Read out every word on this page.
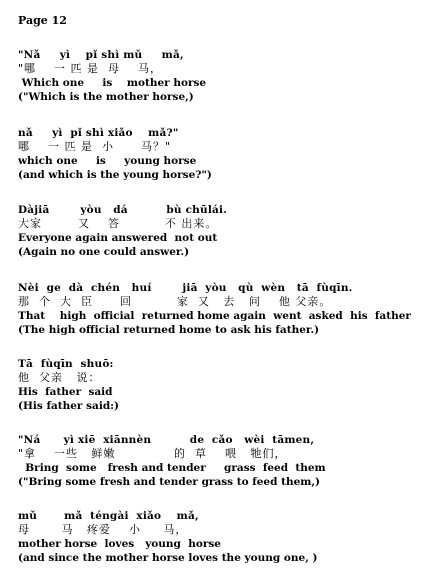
Page 12
"Nǎ     yì    pǐ shì mǔ     mǎ,
"哪    一 匹 是  母    马，
Which one     is    mother horse
("Which is the mother horse,)
nǎ     yì  pǐ shì xiǎo    mǎ?"
哪    一 匹 是  小      马？"
which one     is     young horse
(and which is the young horse?")
Dàjiā        yòu   dá          bù chūlái.
大家        又    答          不 出来。
Everyone again answered  not out
(Again no one could answer.)
Nèi  ge  dà  chén   huí        jiā  yòu   qù  wèn   tā  fùqīn.
那  个  大  臣      回          家  又   去   问    他 父亲。
That    high  official  returned home again  went  asked  his  father
(The high official returned home to ask his father.)
Tā  fùqīn  shuō:
他  父亲   说：
His  father  said
(His father said:)
"Ná      yì xiē  xiānnèn          de  cǎo   wèi  tāmen,
"拿    一些   鲜嫩             的  草    喂   牠们，
Bring  some   fresh and tender     grass  feed  them
("Bring some fresh and tender grass to feed them,)
mǔ       mǎ  téngài  xiǎo    mǎ,
母       马   疼爱    小     马，
mother horse  loves   young  horse
(and since the mother horse loves the young one, )
